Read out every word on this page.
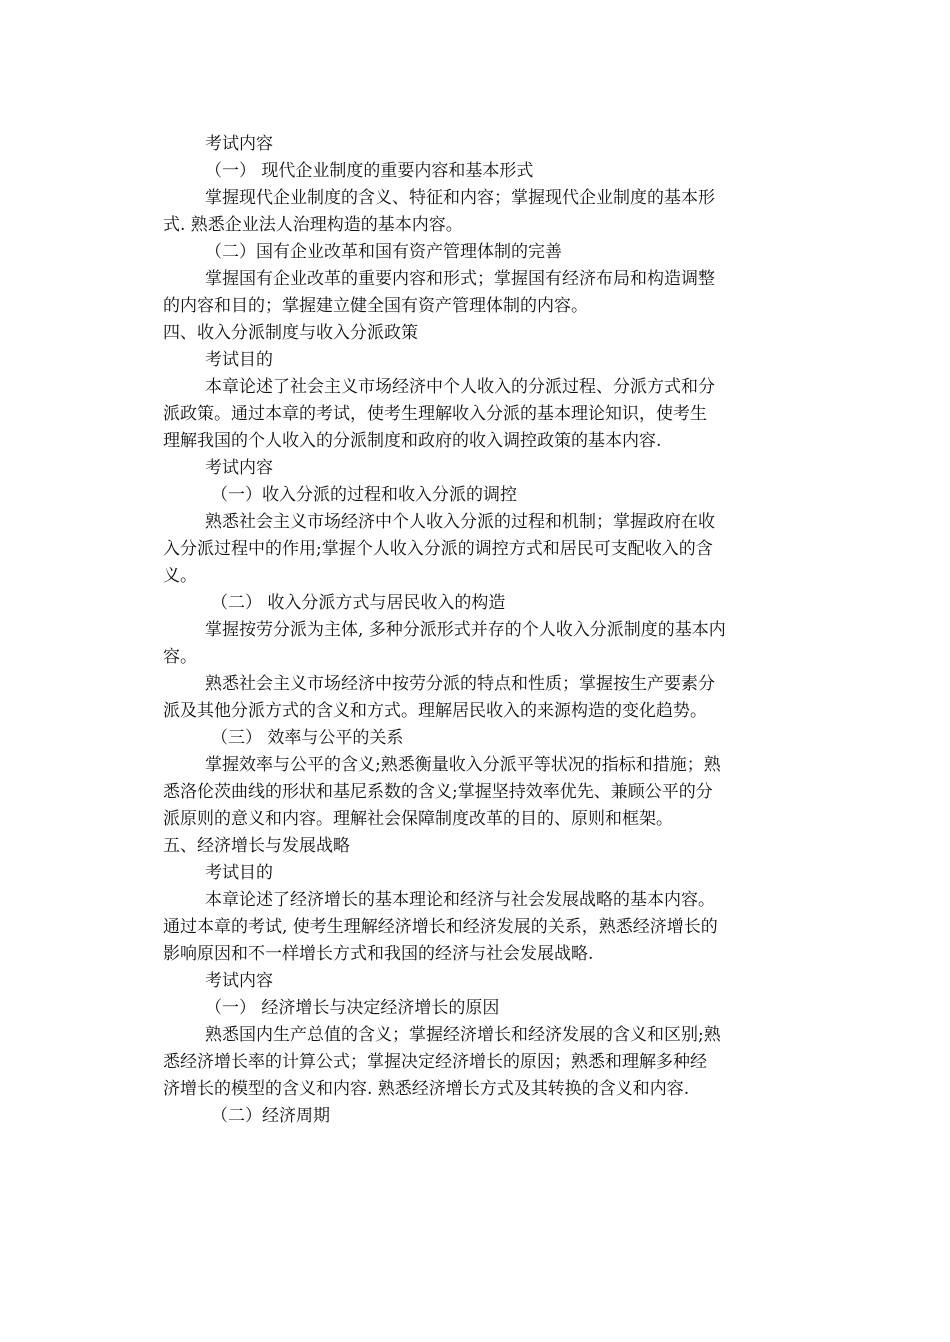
考试内容
（一） 现代企业制度的重要内容和基本形式
掌握现代企业制度的含义、特征和内容；掌握现代企业制度的基本形
式. 熟悉企业法人治理构造的基本内容。
（二）国有企业改革和国有资产管理体制的完善
掌握国有企业改革的重要内容和形式；掌握国有经济布局和构造调整
的内容和目的；掌握建立健全国有资产管理体制的内容。
四、收入分派制度与收入分派政策
考试目的
本章论述了社会主义市场经济中个人收入的分派过程、分派方式和分
派政策。通过本章的考试，使考生理解收入分派的基本理论知识，使考生
理解我国的个人收入的分派制度和政府的收入调控政策的基本内容.
考试内容
（一）收入分派的过程和收入分派的调控
熟悉社会主义市场经济中个人收入分派的过程和机制；掌握政府在收
入分派过程中的作用;掌握个人收入分派的调控方式和居民可支配收入的含
义。
（二） 收入分派方式与居民收入的构造
掌握按劳分派为主体, 多种分派形式并存的个人收入分派制度的基本内
容。
熟悉社会主义市场经济中按劳分派的特点和性质；掌握按生产要素分
派及其他分派方式的含义和方式。理解居民收入的来源构造的变化趋势。
（三） 效率与公平的关系
掌握效率与公平的含义;熟悉衡量收入分派平等状况的指标和措施；熟
悉洛伦茨曲线的形状和基尼系数的含义;掌握坚持效率优先、兼顾公平的分
派原则的意义和内容。理解社会保障制度改革的目的、原则和框架。
五、经济增长与发展战略
考试目的
本章论述了经济增长的基本理论和经济与社会发展战略的基本内容。
通过本章的考试, 使考生理解经济增长和经济发展的关系，熟悉经济增长的
影响原因和不一样增长方式和我国的经济与社会发展战略.
考试内容
（一） 经济增长与决定经济增长的原因
熟悉国内生产总值的含义；掌握经济增长和经济发展的含义和区别;熟
悉经济增长率的计算公式；掌握决定经济增长的原因；熟悉和理解多种经
济增长的模型的含义和内容. 熟悉经济增长方式及其转换的含义和内容.
（二）经济周期
